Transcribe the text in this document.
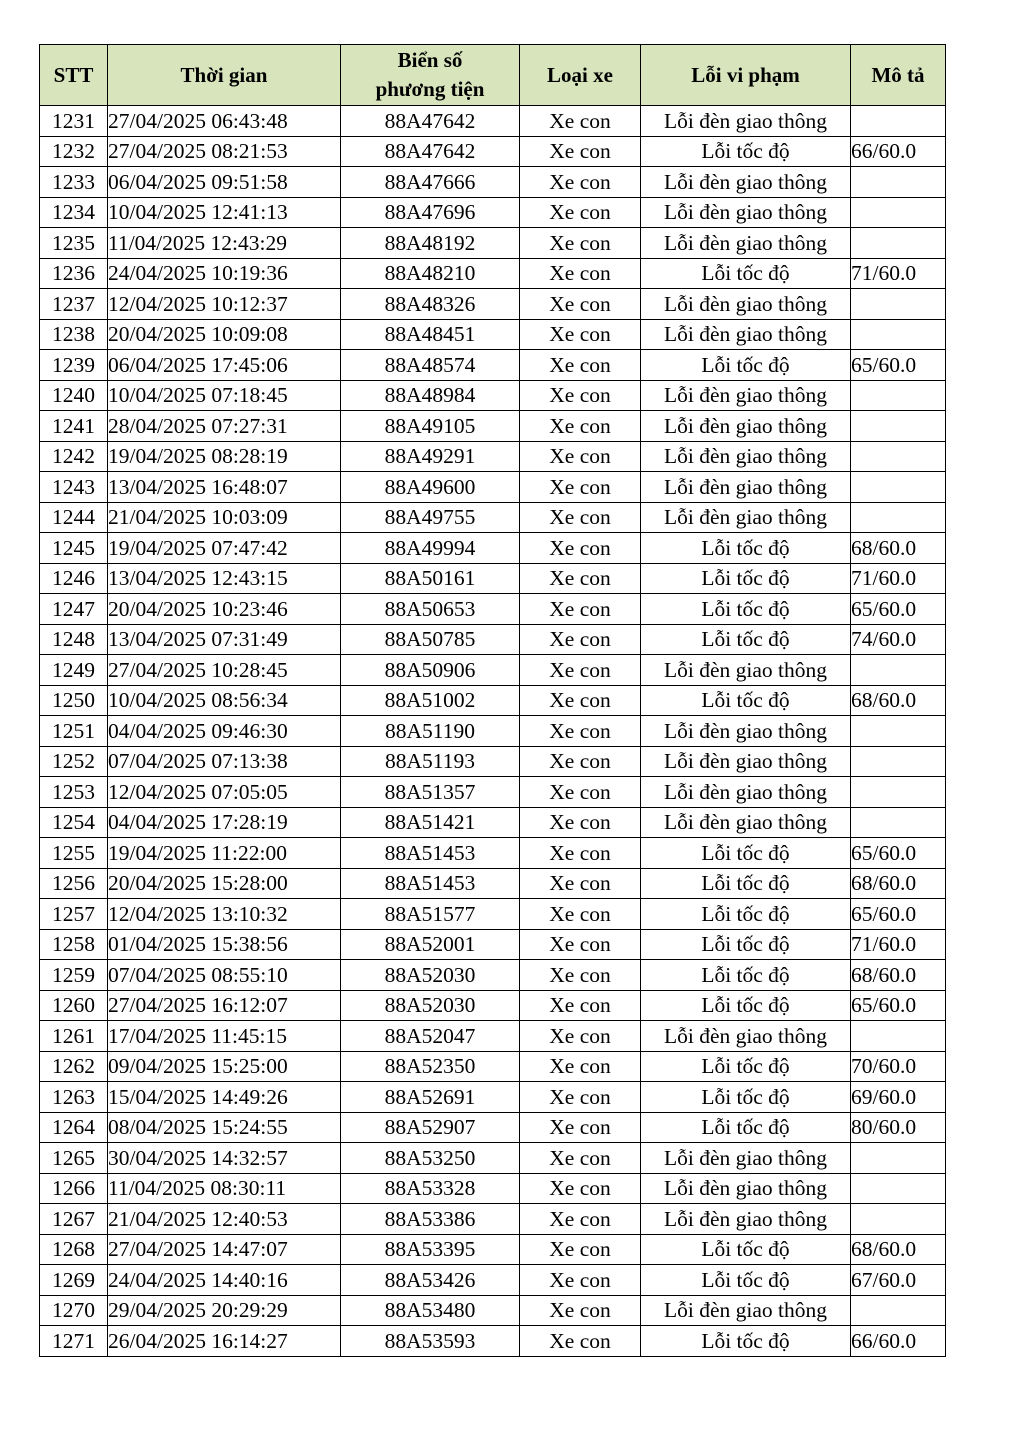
STT	Thời gian	Biển số
phương tiện	Loại xe	Lỗi vi phạm	Mô tả
1231	27/04/2025 06:43:48	88A47642	Xe con	Lỗi đèn giao thông	
1232	27/04/2025 08:21:53	88A47642	Xe con	Lỗi tốc độ	66/60.0
1233	06/04/2025 09:51:58	88A47666	Xe con	Lỗi đèn giao thông	
1234	10/04/2025 12:41:13	88A47696	Xe con	Lỗi đèn giao thông	
1235	11/04/2025 12:43:29	88A48192	Xe con	Lỗi đèn giao thông	
1236	24/04/2025 10:19:36	88A48210	Xe con	Lỗi tốc độ	71/60.0
1237	12/04/2025 10:12:37	88A48326	Xe con	Lỗi đèn giao thông	
1238	20/04/2025 10:09:08	88A48451	Xe con	Lỗi đèn giao thông	
1239	06/04/2025 17:45:06	88A48574	Xe con	Lỗi tốc độ	65/60.0
1240	10/04/2025 07:18:45	88A48984	Xe con	Lỗi đèn giao thông	
1241	28/04/2025 07:27:31	88A49105	Xe con	Lỗi đèn giao thông	
1242	19/04/2025 08:28:19	88A49291	Xe con	Lỗi đèn giao thông	
1243	13/04/2025 16:48:07	88A49600	Xe con	Lỗi đèn giao thông	
1244	21/04/2025 10:03:09	88A49755	Xe con	Lỗi đèn giao thông	
1245	19/04/2025 07:47:42	88A49994	Xe con	Lỗi tốc độ	68/60.0
1246	13/04/2025 12:43:15	88A50161	Xe con	Lỗi tốc độ	71/60.0
1247	20/04/2025 10:23:46	88A50653	Xe con	Lỗi tốc độ	65/60.0
1248	13/04/2025 07:31:49	88A50785	Xe con	Lỗi tốc độ	74/60.0
1249	27/04/2025 10:28:45	88A50906	Xe con	Lỗi đèn giao thông	
1250	10/04/2025 08:56:34	88A51002	Xe con	Lỗi tốc độ	68/60.0
1251	04/04/2025 09:46:30	88A51190	Xe con	Lỗi đèn giao thông	
1252	07/04/2025 07:13:38	88A51193	Xe con	Lỗi đèn giao thông	
1253	12/04/2025 07:05:05	88A51357	Xe con	Lỗi đèn giao thông	
1254	04/04/2025 17:28:19	88A51421	Xe con	Lỗi đèn giao thông	
1255	19/04/2025 11:22:00	88A51453	Xe con	Lỗi tốc độ	65/60.0
1256	20/04/2025 15:28:00	88A51453	Xe con	Lỗi tốc độ	68/60.0
1257	12/04/2025 13:10:32	88A51577	Xe con	Lỗi tốc độ	65/60.0
1258	01/04/2025 15:38:56	88A52001	Xe con	Lỗi tốc độ	71/60.0
1259	07/04/2025 08:55:10	88A52030	Xe con	Lỗi tốc độ	68/60.0
1260	27/04/2025 16:12:07	88A52030	Xe con	Lỗi tốc độ	65/60.0
1261	17/04/2025 11:45:15	88A52047	Xe con	Lỗi đèn giao thông	
1262	09/04/2025 15:25:00	88A52350	Xe con	Lỗi tốc độ	70/60.0
1263	15/04/2025 14:49:26	88A52691	Xe con	Lỗi tốc độ	69/60.0
1264	08/04/2025 15:24:55	88A52907	Xe con	Lỗi tốc độ	80/60.0
1265	30/04/2025 14:32:57	88A53250	Xe con	Lỗi đèn giao thông	
1266	11/04/2025 08:30:11	88A53328	Xe con	Lỗi đèn giao thông	
1267	21/04/2025 12:40:53	88A53386	Xe con	Lỗi đèn giao thông	
1268	27/04/2025 14:47:07	88A53395	Xe con	Lỗi tốc độ	68/60.0
1269	24/04/2025 14:40:16	88A53426	Xe con	Lỗi tốc độ	67/60.0
1270	29/04/2025 20:29:29	88A53480	Xe con	Lỗi đèn giao thông	
1271	26/04/2025 16:14:27	88A53593	Xe con	Lỗi tốc độ	66/60.0
